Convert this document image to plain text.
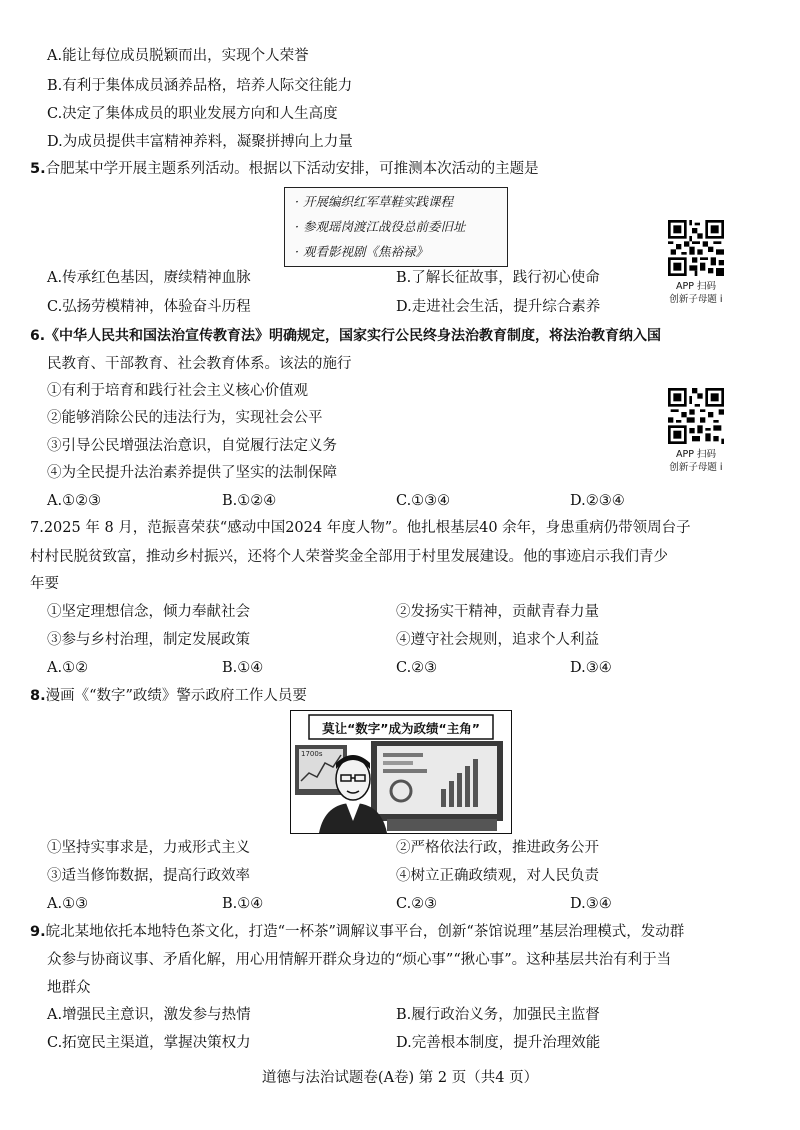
A.能让每位成员脱颖而出，实现个人荣誉
B.有利于集体成员涵养品格，培养人际交往能力
C.决定了集体成员的职业发展方向和人生高度
D.为成员提供丰富精神养料，凝聚拼搏向上力量
5.合肥某中学开展主题系列活动。根据以下活动安排，可推测本次活动的主题是
· 开展编织红军草鞋实践课程
· 参观瑶岗渡江战役总前委旧址
· 观看影视剧《焦裕禄》
A.传承红色基因，赓续精神血脉	B.了解长征故事，践行初心使命
C.弘扬劳模精神，体验奋斗历程	D.走进社会生活，提升综合素养
APP 扫码
创新子母题 i
6.《中华人民共和国法治宣传教育法》明确规定，国家实行公民终身法治教育制度，将法治教育纳入国
民教育、干部教育、社会教育体系。该法的施行
①有利于培育和践行社会主义核心价值观
②能够消除公民的违法行为，实现社会公平
③引导公民增强法治意识，自觉履行法定义务
④为全民提升法治素养提供了坚实的法制保障
A.①②③	B.①②④	C.①③④	D.②③④
APP 扫码
创新子母题 i
7.2025 年 8 月，范振喜荣获“感动中国2024 年度人物”。他扎根基层40 余年，身患重病仍带领周台子
村村民脱贫致富，推动乡村振兴，还将个人荣誉奖金全部用于村里发展建设。他的事迹启示我们青少
年要
①坚定理想信念，倾力奉献社会	②发扬实干精神，贡献青春力量
③参与乡村治理，制定发展政策	④遵守社会规则，追求个人利益
A.①②	B.①④	C.②③	D.③④
8.漫画《“数字”政绩》警示政府工作人员要
莫让“数字”成为政绩“主角”
1700s
①坚持实事求是，力戒形式主义	②严格依法行政，推进政务公开
③适当修饰数据，提高行政效率	④树立正确政绩观，对人民负责
A.①③	B.①④	C.②③	D.③④
9.皖北某地依托本地特色茶文化，打造“一杯茶”调解议事平台，创新“茶馆说理”基层治理模式，发动群
众参与协商议事、矛盾化解，用心用情解开群众身边的“烦心事”“揪心事”。这种基层共治有利于当
地群众
A.增强民主意识，激发参与热情	B.履行政治义务，加强民主监督
C.拓宽民主渠道，掌握决策权力	D.完善根本制度，提升治理效能
道德与法治试题卷(A卷) 第 2 页（共4 页）
